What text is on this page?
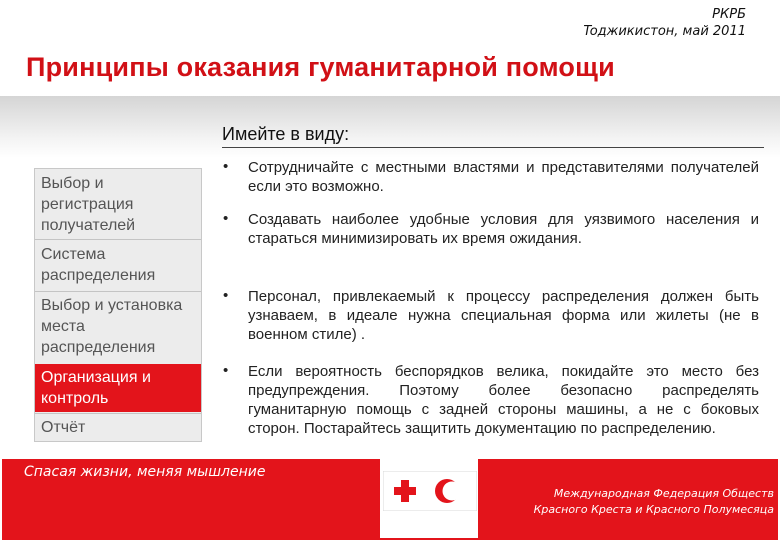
РКРБ
Toджикистон, май 2011
Принципы оказания гуманитарной помощи
Имейте в виду:
Выбор и регистрация получателей
Система распределения
Выбор и установка места распределения
Организация и контроль
Отчёт
• Сотрудничайте с местными властями и представителями получателей если это возможно.
• Создавать наиболее удобные условия для уязвимого населения и стараться минимизировать их время ожидания.
• Персонал, привлекаемый к процессу распределения должен быть узнаваем, в идеале нужна специальная форма или жилеты (не в военном стиле) .
• Если вероятность беспорядков велика, покидайте это место без предупреждения. Поэтому более безопасно распределять гуманитарную помощь с задней стороны машины, а не с боковых сторон. Постарайтесь защитить документацию по распределению.
www.ifrc.org
Спасая жизни, меняя мышление
Международная Федерация Обществ
Красного Креста и Красного Полумесяца
